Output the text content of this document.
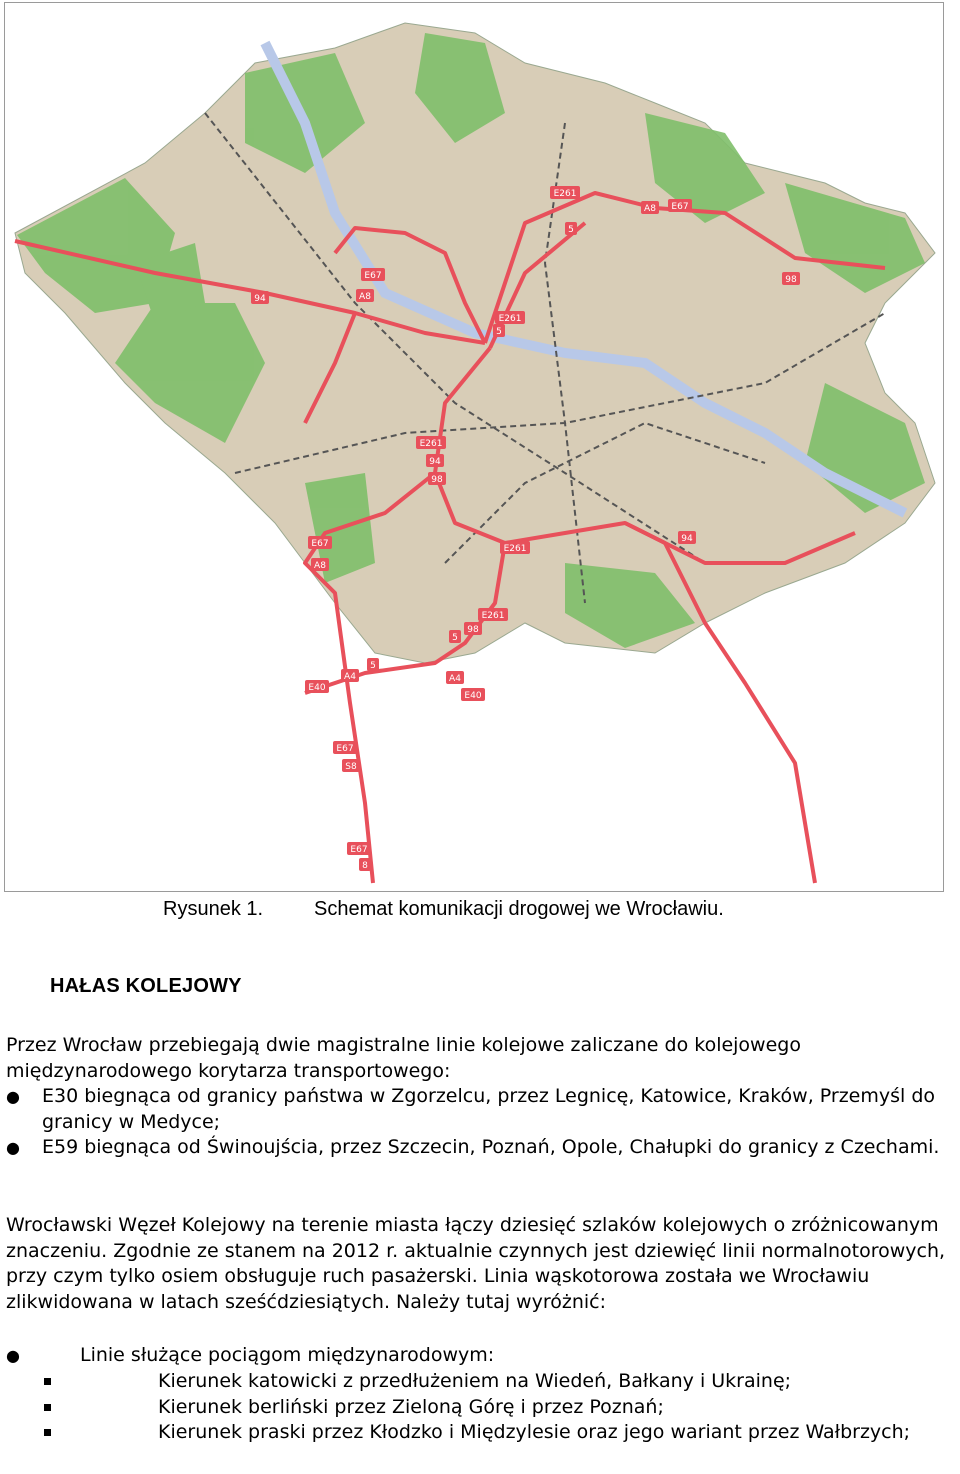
E261
A8 E67
5
98
E67
A8
94
E261
5
E261
94
98
E261
94
E67
A8
E261
5
98
A4
5
A4
E40
E40
E67
S8
E67
8
Rysunek 1.	Schemat komunikacji drogowej we Wrocławiu.
HAŁAS KOLEJOWY

Przez Wrocław przebiegają dwie magistralne linie kolejowe zaliczane do kolejowego międzynarodowego korytarza transportowego:

● E30 biegnąca od granicy państwa w Zgorzelcu, przez Legnicę, Katowice, Kraków, Przemyśl do granicy w Medyce;
● E59 biegnąca od Świnoujścia, przez Szczecin, Poznań, Opole, Chałupki do granicy z Czechami.

Wrocławski Węzeł Kolejowy na terenie miasta łączy dziesięć szlaków kolejowych o zróżnicowanym znaczeniu. Zgodnie ze stanem na 2012 r. aktualnie czynnych jest dziewięć linii normalnotorowych, przy czym tylko osiem obsługuje ruch pasażerski. Linia wąskotorowa została we Wrocławiu zlikwidowana w latach sześćdziesiątych. Należy tutaj wyróżnić:

●	Linie służące pociągom międzynarodowym:
Kierunek katowicki z przedłużeniem na Wiedeń, Bałkany i Ukrainę;
Kierunek berliński przez Zieloną Górę i przez Poznań;
Kierunek praski przez Kłodzko i Międzylesie oraz jego wariant przez Wałbrzych;
